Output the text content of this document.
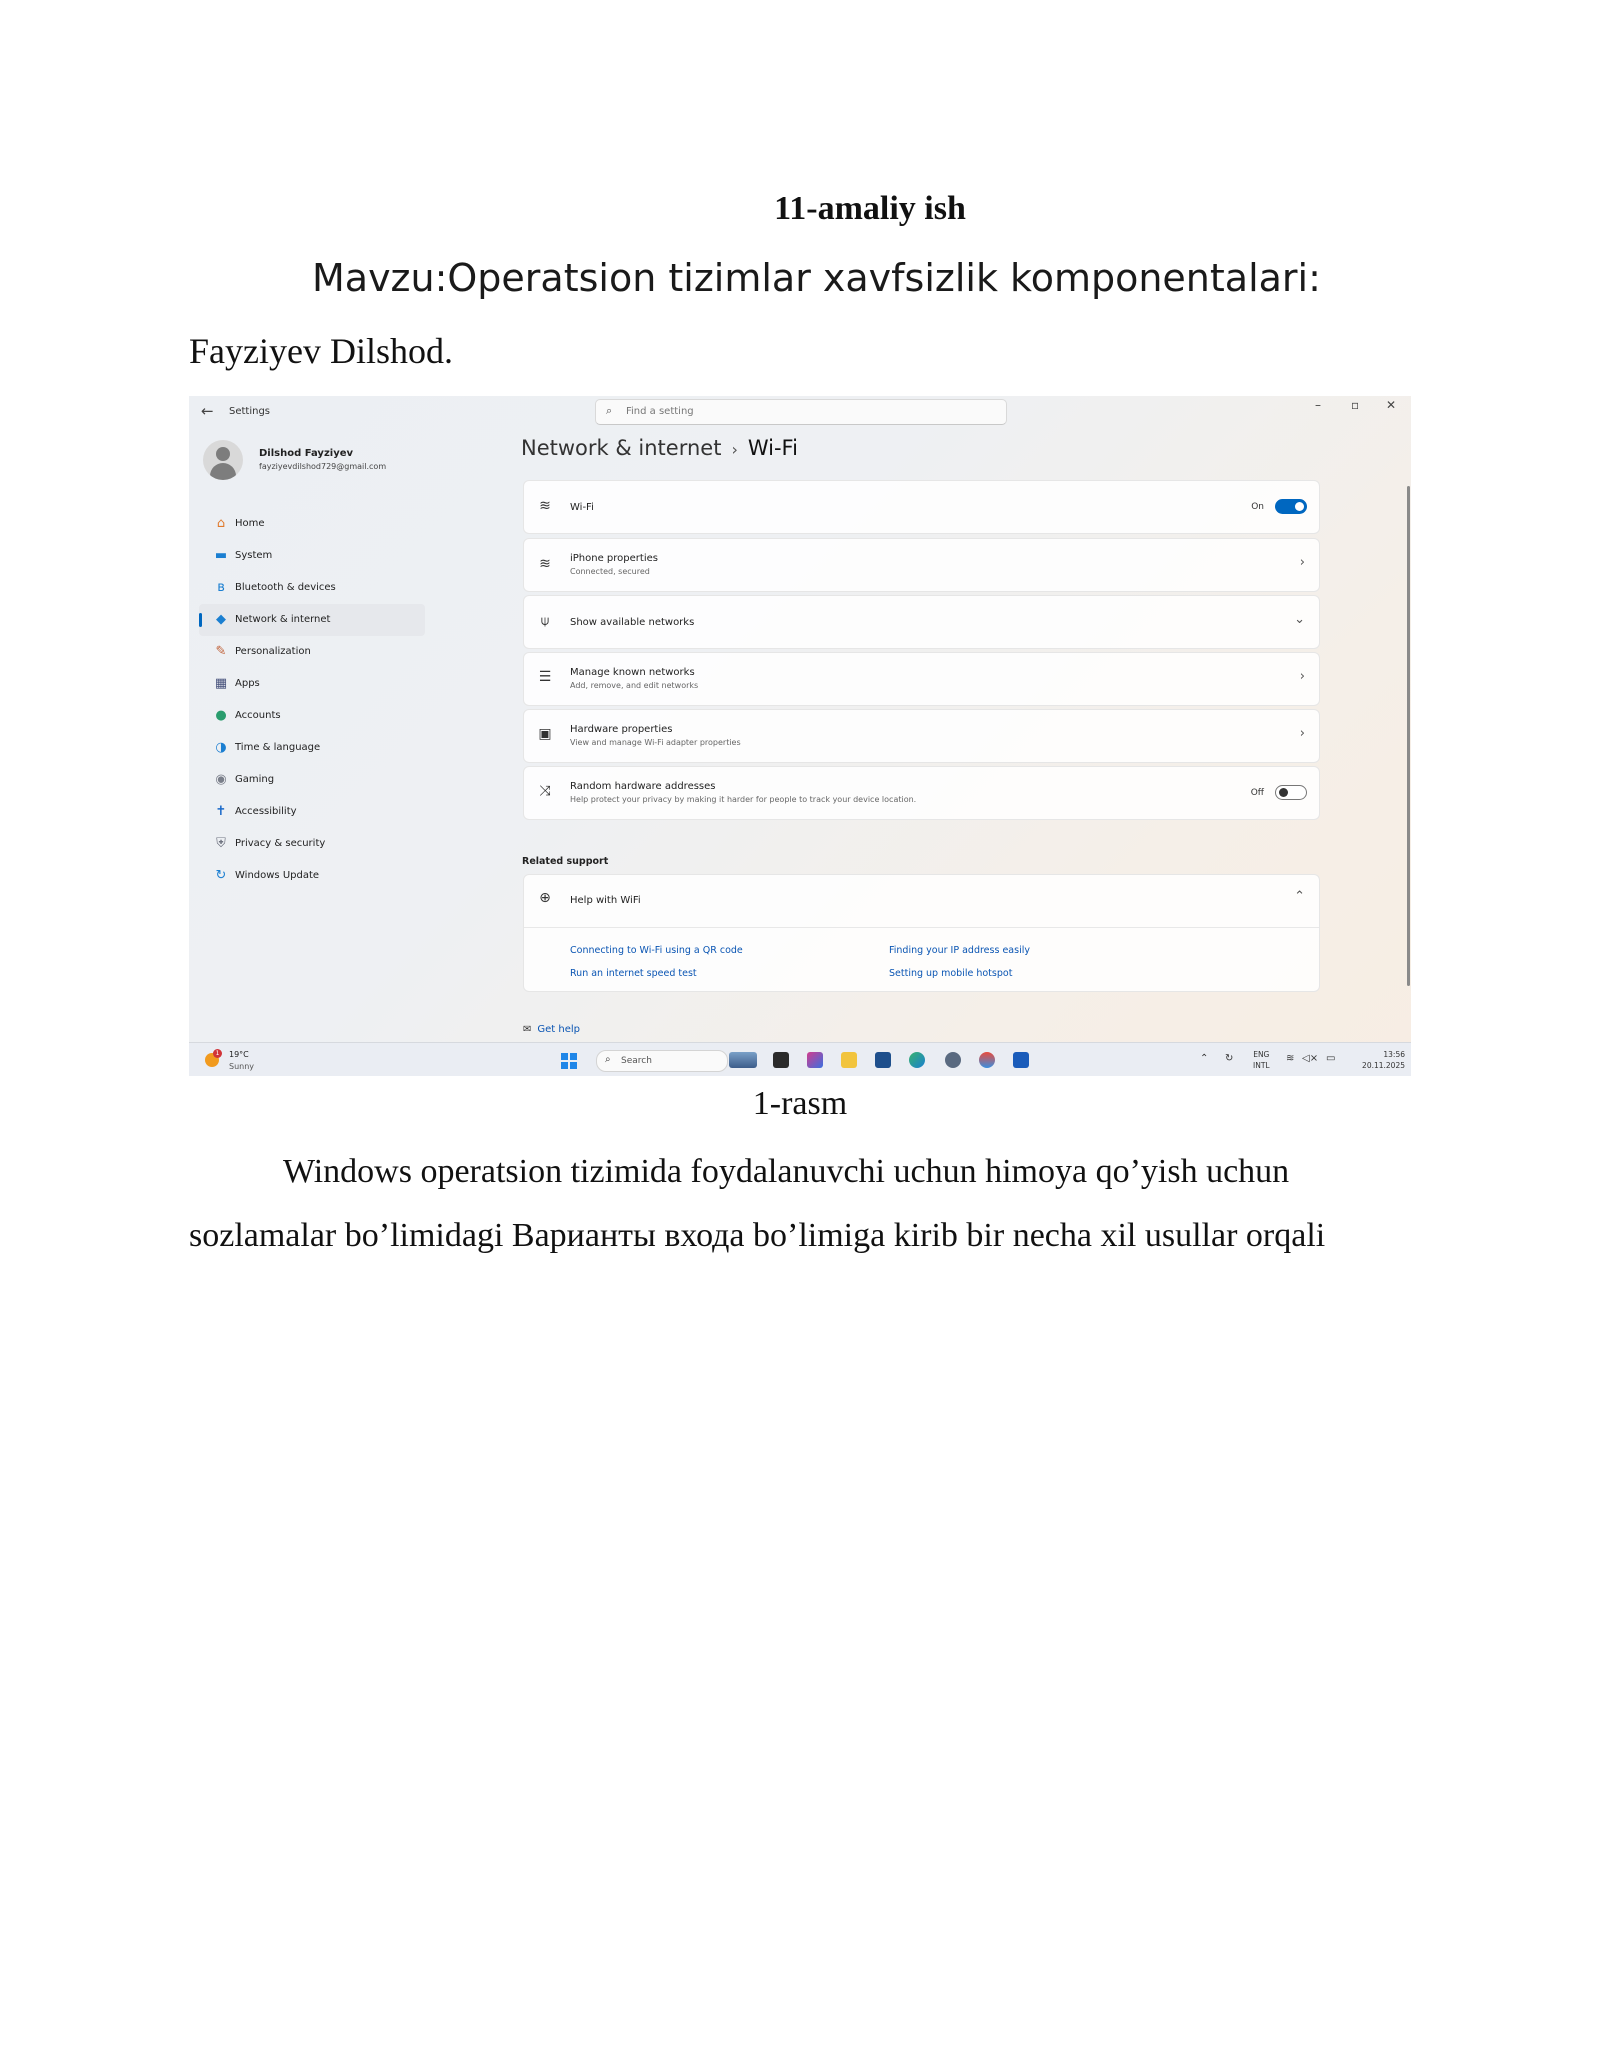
11-amaliy ish
Mavzu:Operatsion tizimlar xavfsizlik komponentalari:
Fayziyev Dilshod.
← Settings	⌕ Find a setting	–	▫ ✕
Dilshod Fayziyev
fayziyevdilshod729@gmail.com
⌂ Home
▬ System
ʙ	Bluetooth & devices
◆ Network & internet
✎ Personalization
▦ Apps
● Accounts
◑ Time & language
◉ Gaming
✝ Accessibility
⛨ Privacy & security
↻ Windows Update
Network & internet › Wi-Fi
≋	Wi-Fi	On
≋	iPhone properties
Connected, secured
›
⍦	Show available networks	⌄
☰ Manage known networks
Add, remove, and edit networks
›
▣ Hardware properties
View and manage Wi-Fi adapter properties
›
⤨	Random hardware addresses
Help protect your privacy by making it harder for people to track your device location.
Off
Related support
⊕	Help with WiFi	⌃
Connecting to Wi-Fi using a QR code	Finding your IP address easily
Run an internet speed test	Setting up mobile hotspot
✉ Get help
1	19°C
Sunny
⌕ Search	⌃ ↻	ENG
INTL
≋ ◁× ▭	13:56
20.11.2025
1-rasm
Windows operatsion tizimida foydalanuvchi uchun himoya qo’yish uchun
sozlamalar bo’limidagi Варианты входа bo’limiga kirib bir necha xil usullar orqali
